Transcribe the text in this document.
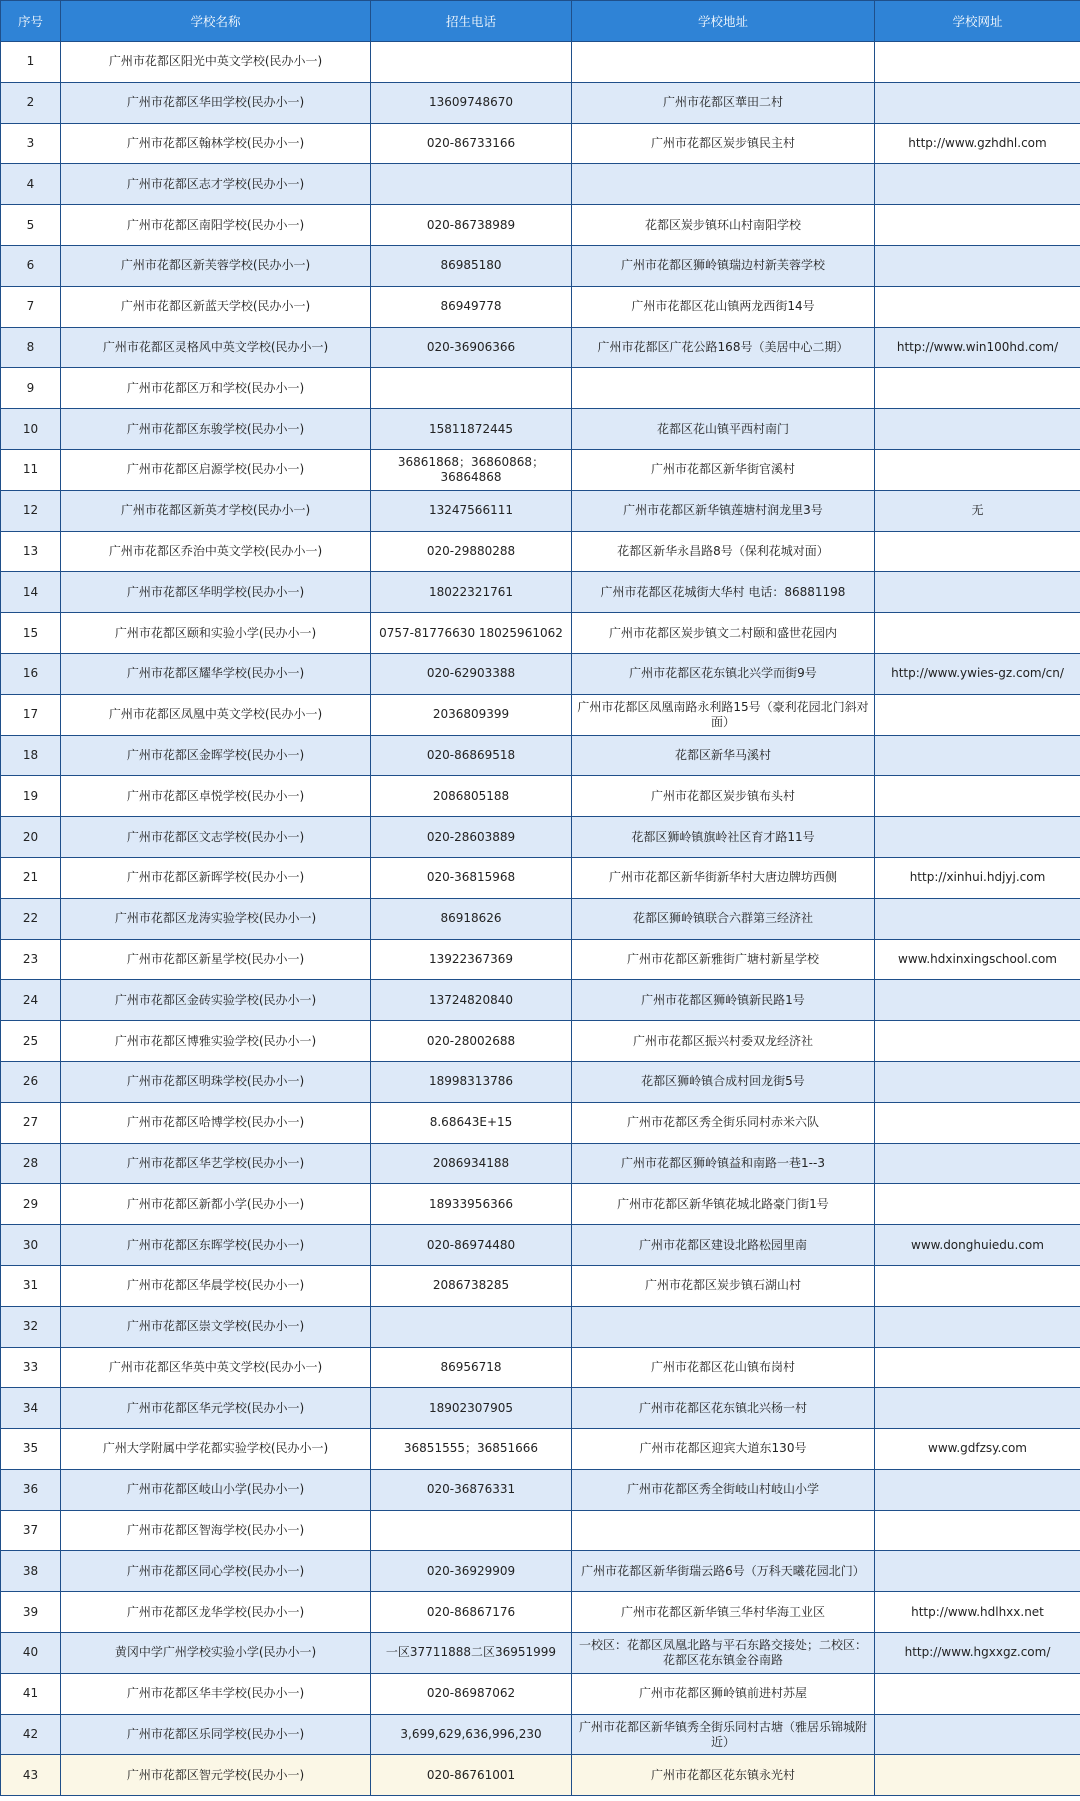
序号	学校名称	招生电话	学校地址	学校网址
1	广州市花都区阳光中英文学校(民办小一)			
2	广州市花都区华田学校(民办小一)	13609748670	广州市花都区華田二村	
3	广州市花都区翰林学校(民办小一)	020-86733166	广州市花都区炭步镇民主村	http://www.gzhdhl.com
4	广州市花都区志才学校(民办小一)			
5	广州市花都区南阳学校(民办小一)	020-86738989	花都区炭步镇环山村南阳学校	
6	广州市花都区新芙蓉学校(民办小一)	86985180	广州市花都区狮岭镇瑞边村新芙蓉学校	
7	广州市花都区新蓝天学校(民办小一)	86949778	广州市花都区花山镇两龙西街14号	
8	广州市花都区灵格风中英文学校(民办小一)	020-36906366	广州市花都区广花公路168号（美居中心二期）	http://www.win100hd.com/
9	广州市花都区万和学校(民办小一)			
10	广州市花都区东骏学校(民办小一)	15811872445	花都区花山镇平西村南门	
11	广州市花都区启源学校(民办小一)	36861868；36860868；36864868	广州市花都区新华街官溪村	
12	广州市花都区新英才学校(民办小一)	13247566111	广州市花都区新华镇莲塘村润龙里3号	无
13	广州市花都区乔治中英文学校(民办小一)	020-29880288	花都区新华永昌路8号（保利花城对面）	
14	广州市花都区华明学校(民办小一)	18022321761	广州市花都区花城街大华村 电话：86881198	
15	广州市花都区颐和实验小学(民办小一)	0757-81776630 18025961062	广州市花都区炭步镇文二村颐和盛世花园内	
16	广州市花都区耀华学校(民办小一)	020-62903388	广州市花都区花东镇北兴学而街9号	http://www.ywies-gz.com/cn/
17	广州市花都区凤凰中英文学校(民办小一)	2036809399	广州市花都区凤凰南路永利路15号（豪利花园北门斜对面）	
18	广州市花都区金晖学校(民办小一)	020-86869518	花都区新华马溪村	
19	广州市花都区卓悦学校(民办小一)	2086805188	广州市花都区炭步镇布头村	
20	广州市花都区文志学校(民办小一)	020-28603889	花都区狮岭镇旗岭社区育才路11号	
21	广州市花都区新晖学校(民办小一)	020-36815968	广州市花都区新华街新华村大唐边牌坊西侧	http://xinhui.hdjyj.com
22	广州市花都区龙涛实验学校(民办小一)	86918626	花都区狮岭镇联合六群第三经济社	
23	广州市花都区新星学校(民办小一)	13922367369	广州市花都区新雅街广塘村新星学校	www.hdxinxingschool.com
24	广州市花都区金砖实验学校(民办小一)	13724820840	广州市花都区狮岭镇新民路1号	
25	广州市花都区博雅实验学校(民办小一)	020-28002688	广州市花都区振兴村委双龙经济社	
26	广州市花都区明珠学校(民办小一)	18998313786	花都区狮岭镇合成村回龙街5号	
27	广州市花都区哈博学校(民办小一)	8.68643E+15	广州市花都区秀全街乐同村赤米六队	
28	广州市花都区华艺学校(民办小一)	2086934188	广州市花都区狮岭镇益和南路一巷1--3	
29	广州市花都区新都小学(民办小一)	18933956366	广州市花都区新华镇花城北路豪门街1号	
30	广州市花都区东晖学校(民办小一)	020-86974480	广州市花都区建设北路松园里南	www.donghuiedu.com
31	广州市花都区华晨学校(民办小一)	2086738285	广州市花都区炭步镇石湖山村	
32	广州市花都区崇文学校(民办小一)			
33	广州市花都区华英中英文学校(民办小一)	86956718	广州市花都区花山镇布岗村	
34	广州市花都区华元学校(民办小一)	18902307905	广州市花都区花东镇北兴杨一村	
35	广州大学附属中学花都实验学校(民办小一)	36851555；36851666	广州市花都区迎宾大道东130号	www.gdfzsy.com
36	广州市花都区岐山小学(民办小一)	020-36876331	广州市花都区秀全街岐山村岐山小学	
37	广州市花都区智海学校(民办小一)			
38	广州市花都区同心学校(民办小一)	020-36929909	广州市花都区新华街瑞云路6号（万科天曦花园北门）	
39	广州市花都区龙华学校(民办小一)	020-86867176	广州市花都区新华镇三华村华海工业区	http://www.hdlhxx.net
40	黄冈中学广州学校实验小学(民办小一)	一区37711888二区36951999	一校区：花都区凤凰北路与平石东路交接处；二校区：花都区花东镇金谷南路	http://www.hgxxgz.com/
41	广州市花都区华丰学校(民办小一)	020-86987062	广州市花都区狮岭镇前进村苏屋	
42	广州市花都区乐同学校(民办小一)	3,699,629,636,996,230	广州市花都区新华镇秀全街乐同村古塘（雅居乐锦城附近）	
43	广州市花都区智元学校(民办小一)	020-86761001	广州市花都区花东镇永光村	
